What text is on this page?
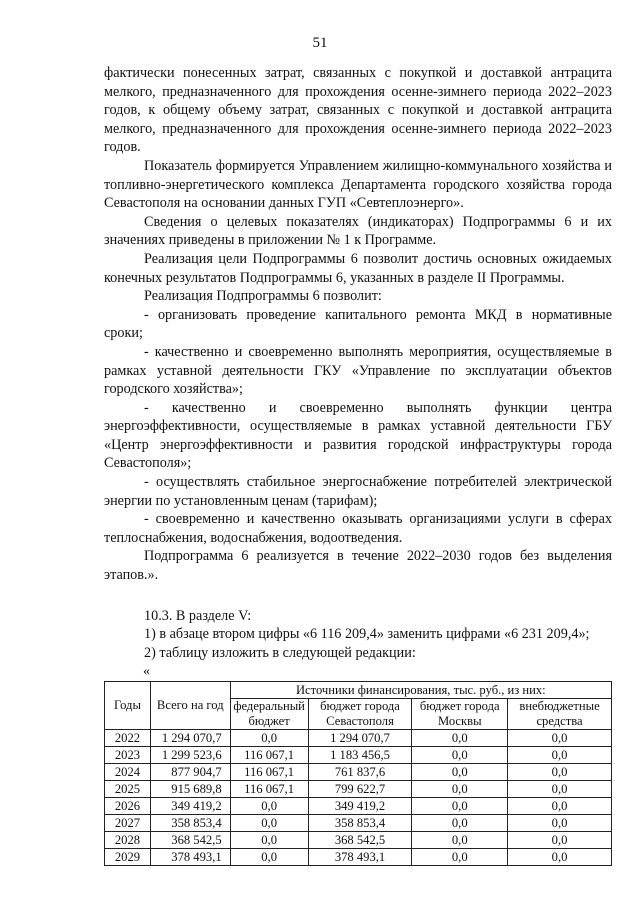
51

фактически понесенных затрат, связанных с покупкой и доставкой антрацита мелкого, предназначенного для прохождения осенне-зимнего периода 2022–2023 годов, к общему объему затрат, связанных с покупкой и доставкой антрацита мелкого, предназначенного для прохождения осенне-зимнего периода 2022–2023 годов.

Показатель формируется Управлением жилищно-коммунального хозяйства и топливно-энергетического комплекса Департамента городского хозяйства города Севастополя на основании данных ГУП «Севтеплоэнерго».

Сведения о целевых показателях (индикаторах) Подпрограммы 6 и их значениях приведены в приложении № 1 к Программе.

Реализация цели Подпрограммы 6 позволит достичь основных ожидаемых конечных результатов Подпрограммы 6, указанных в разделе II Программы.

Реализация Подпрограммы 6 позволит:

- организовать проведение капитального ремонта МКД в нормативные сроки;

- качественно и своевременно выполнять мероприятия, осуществляемые в рамках уставной деятельности ГКУ «Управление по эксплуатации объектов городского хозяйства»;

- качественно и своевременно выполнять функции центра энергоэффективности, осуществляемые в рамках уставной деятельности ГБУ «Центр энергоэффективности и развития городской инфраструктуры города Севастополя»;

- осуществлять стабильное энергоснабжение потребителей электрической энергии по установленным ценам (тарифам);

- своевременно и качественно оказывать организациями услуги в сферах теплоснабжения, водоснабжения, водоотведения.

Подпрограмма 6 реализуется в течение 2022–2030 годов без выделения этапов.».

10.3. В разделе V:

1) в абзаце втором цифры «6 116 209,4» заменить цифрами «6 231 209,4»;

2) таблицу изложить в следующей редакции:

«
Годы	Всего на год	Источники финансирования, тыс. руб., из них:			
		федеральный бюджет	бюджет города Севастополя	бюджет города Москвы	внебюджетные средства
2022	1 294 070,7	0,0	1 294 070,7	0,0	0,0
2023	1 299 523,6	116 067,1	1 183 456,5	0,0	0,0
2024	877 904,7	116 067,1	761 837,6	0,0	0,0
2025	915 689,8	116 067,1	799 622,7	0,0	0,0
2026	349 419,2	0,0	349 419,2	0,0	0,0
2027	358 853,4	0,0	358 853,4	0,0	0,0
2028	368 542,5	0,0	368 542,5	0,0	0,0
2029	378 493,1	0,0	378 493,1	0,0	0,0
